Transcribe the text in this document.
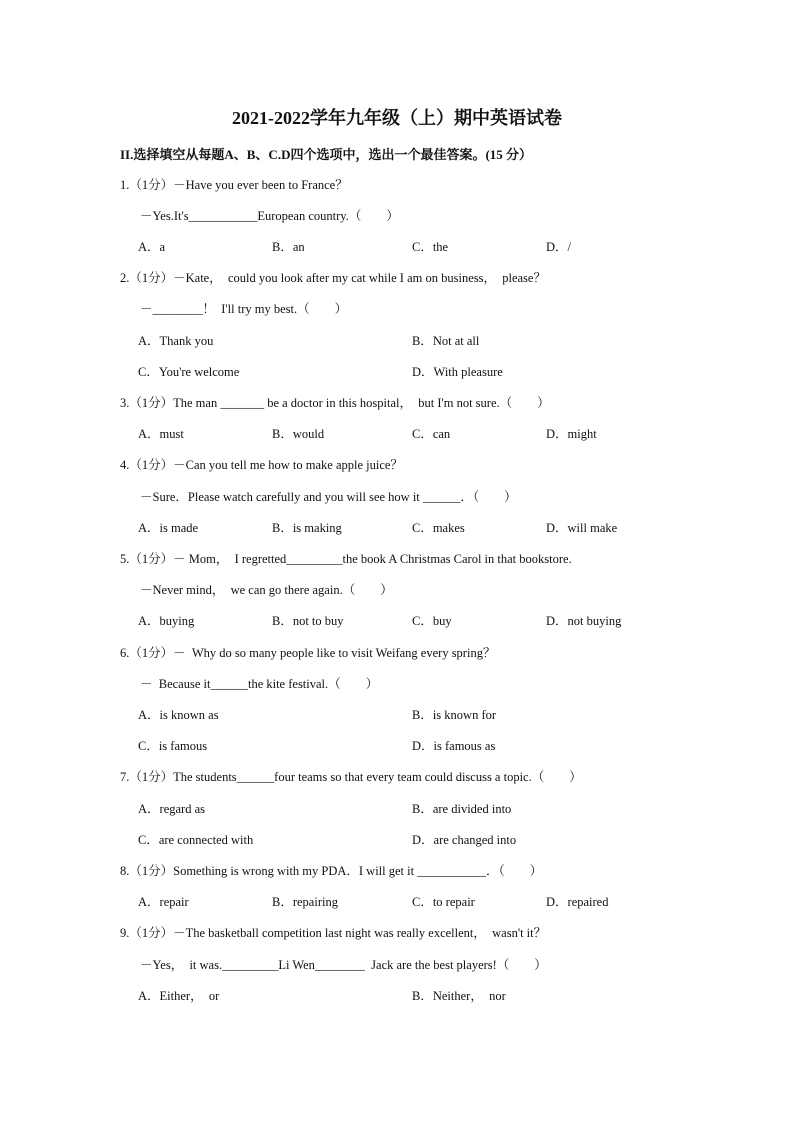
2021-2022学年九年级（上）期中英语试卷
II.选择填空从每题A、B、C.D四个选项中，选出一个最佳答案。(15 分）
1.（1分）－Have you ever been to France？
－Yes.It's___________European country.（　　）
A．a	B．an	C．the	D．/
2.（1分）－Kate，  could you look after my cat while I am on business，  please？
－________！  I'll try my best.（　　）
A．Thank you	B．Not at all
C．You're welcome	D．With pleasure
3.（1分）The man _______ be a doctor in this hospital，  but I'm not sure.（　　）
A．must	B．would	C．can	D．might
4.（1分）－Can you tell me how to make apple juice？
－Sure．Please watch carefully and you will see how it ______．（　　）
A．is made	B．is making	C．makes	D．will make
5.（1分）－ Mom，  I regretted_________the book A Christmas Carol in that bookstore.
－Never mind，  we can go there again.（　　）
A．buying	B．not to buy	C．buy	D．not buying
6.（1分）－  Why do so many people like to visit Weifang every spring？
－  Because it______the kite festival.（　　）
A．is known as	B．is known for
C．is famous	D．is famous as
7.（1分）The students______four teams so that every team could discuss a topic.（　　）
A．regard as	B．are divided into
C．are connected with	D．are changed into
8.（1分）Something is wrong with my PDA．I will get it ___________．（　　）
A．repair	B．repairing	C．to repair	D．repaired
9.（1分）－The basketball competition last night was really excellent，  wasn't it？
－Yes，  it was._________Li Wen________  Jack are the best players!（　　）
A．Either，  or	B．Neither，  nor
